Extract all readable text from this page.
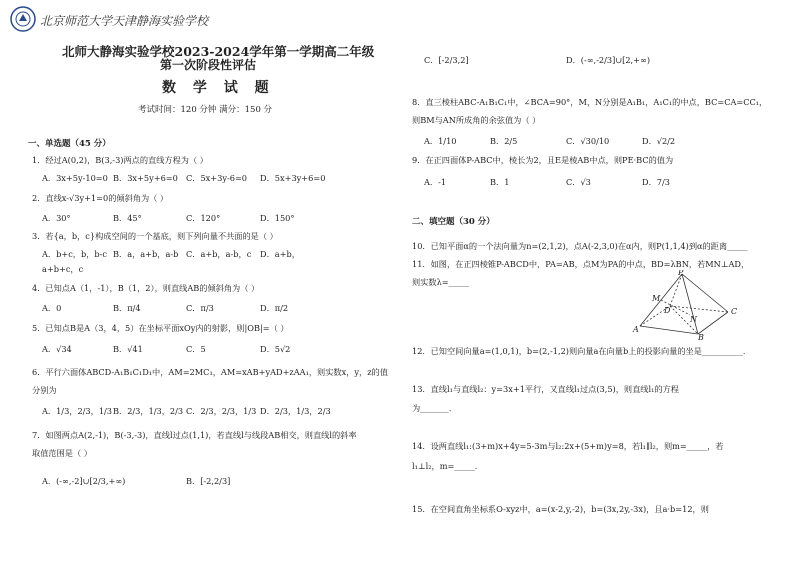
北京师范大学天津静海实验学校
北师大静海实验学校2023-2024学年第一学期高二年级
第一次阶段性评估
数 学 试 题
考试时间：120 分钟 满分：150 分
一、单选题（45 分）
1．经过A(0,2)，B(3,-3)两点的直线方程为（ ）
A．3x+5y-10=0 B．3x+5y+6=0 C．5x+3y-6=0 D．5x+3y+6=0
2．直线x-√3y+1=0的倾斜角为（ ）
A．30°	B．45°	C．120°	D．150°
3．若{a，b，c}构成空间的一个基底，则下列向量不共面的是（ ）
A．b+c，b，b-c B．a，a+b，a-b C．a+b，a-b，c D．a+b，
a+b+c，c
4．已知点A（1，-1），B（1，2），则直线AB的倾斜角为（ ）
A．0	B．π/4	C．π/3	D．π/2
5．已知点B是A（3，4，5）在坐标平面xOy内的射影，则|OB|=（ ）
A．√34	B．√41	C．5	D．5√2
6．平行六面体ABCD-A₁B₁C₁D₁中，AM=2MC₁，AM=xAB+yAD+zAA₁，则实数x，y，z的值
分别为
A．1/3，2/3，1/3 B．2/3，1/3，2/3 C．2/3，2/3，1/3 D．2/3，1/3，2/3
7．如图两点A(2,-1)，B(-3,-3)，直线l过点(1,1)，若直线l与线段AB相交，则直线l的斜率
取值范围是（ ）
A．(-∞,-2]∪[2/3,+∞)	B．[-2,2/3]
C．[-2/3,2]	D．(-∞,-2/3]∪[2,+∞)
8．直三棱柱ABC-A₁B₁C₁中，∠BCA=90°，M，N分别是A₁B₁，A₁C₁的中点，BC=CA=CC₁，
则BM与AN所成角的余弦值为（ ）
A．1/10	B．2/5	C．√30/10	D．√2/2
9．在正四面体P-ABC中，棱长为2，且E是棱AB中点，则PE·BC的值为
A．-1	B．1	C．√3	D．7/3
二、填空题（30 分）
10．已知平面α的一个法向量为n=(2,1,2)，点A(-2,3,0)在α内，则P(1,1,4)到α的距离_____
11．如图，在正四棱锥P-ABCD中，PA=AB，点M为PA的中点，BD=λBN，若MN⊥AD，
则实数λ=_____
P
M
D
N
C
A
B
12．已知空间向量a=(1,0,1)，b=(2,-1,2)则向量a在向量b上的投影向量的坐是__________．
13．直线l₁与直线l₂：y=3x+1平行，又直线l₁过点(3,5)，则直线l₁的方程
为_______．
14．设两直线l₁:(3+m)x+4y=5-3m与l₂:2x+(5+m)y=8，若l₁∥l₂，则m=_____，若
l₁⊥l₂，m=_____.
15．在空间直角坐标系O-xyz中，a=(x-2,y,-2)，b=(3x,2y,-3x)，且a·b=12，则
